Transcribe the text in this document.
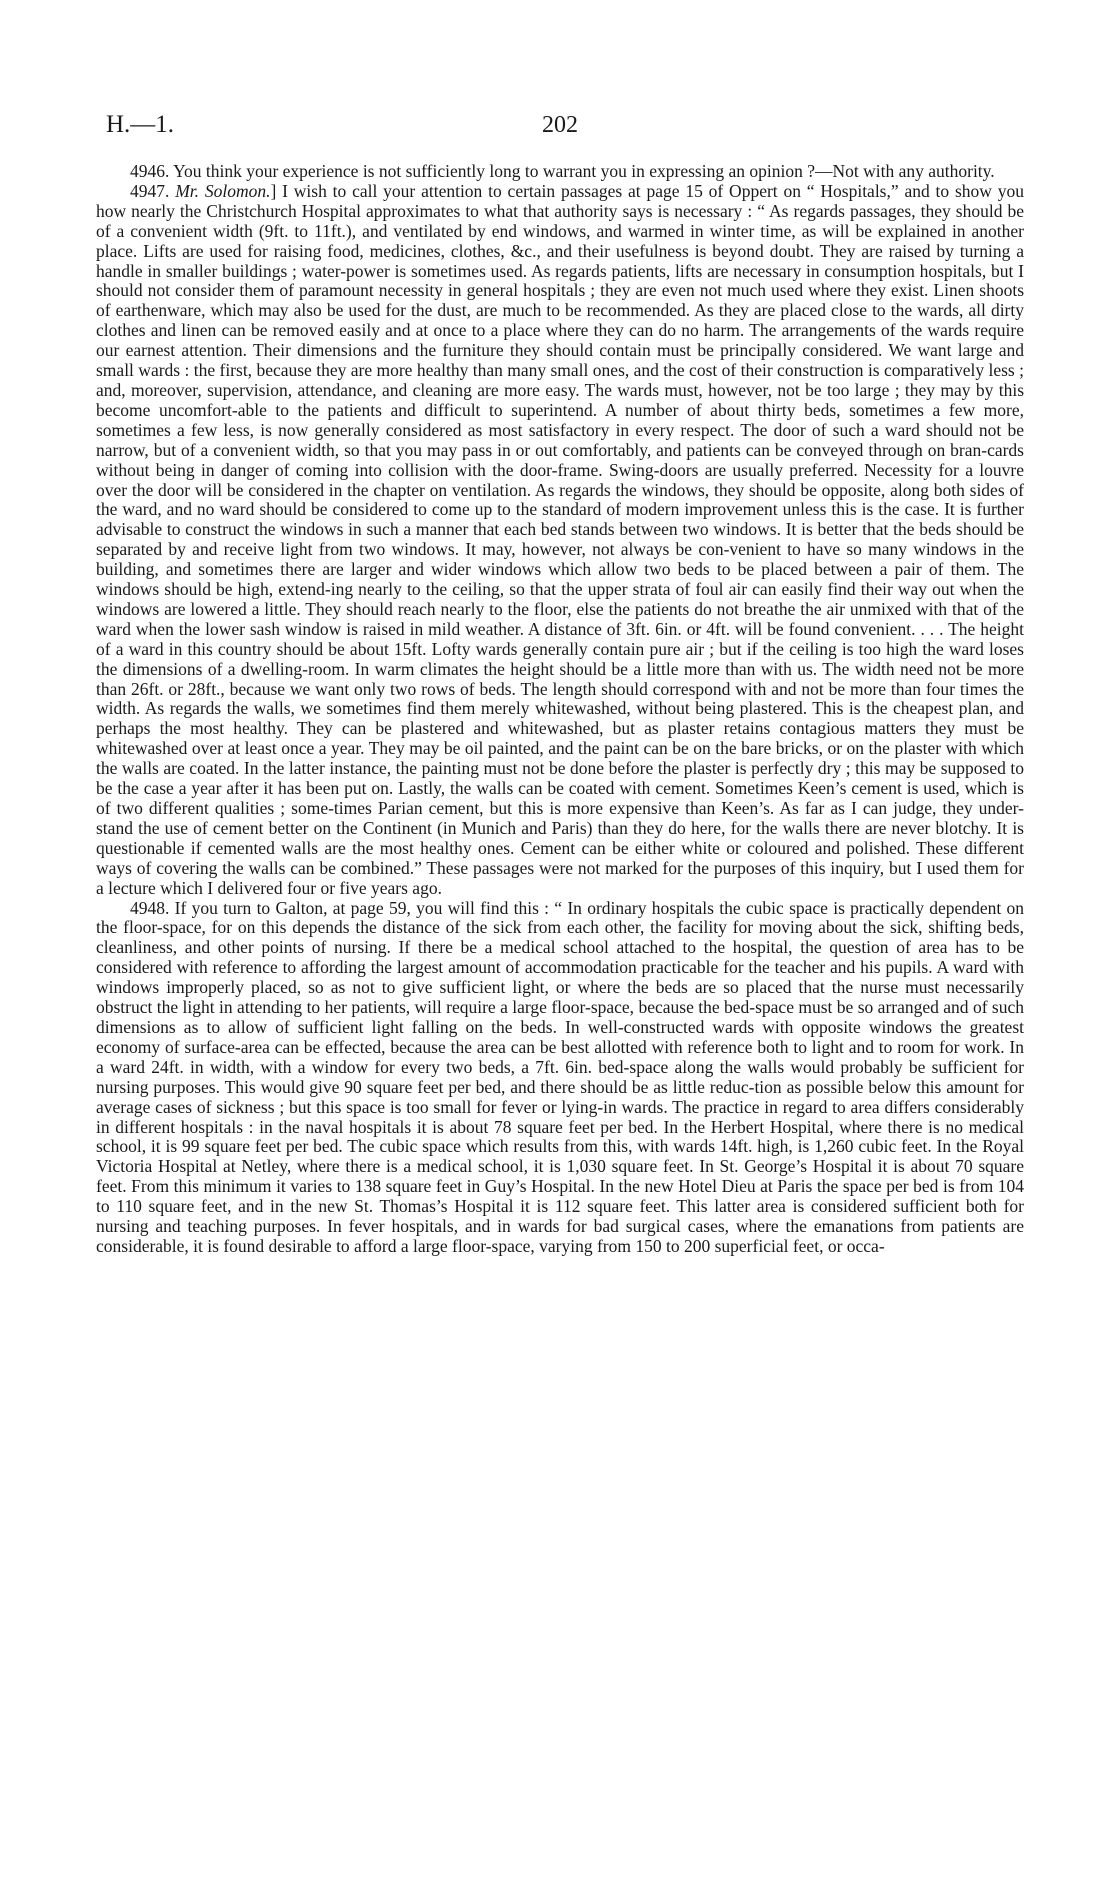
H.—1.	202

4946. You think your experience is not sufficiently long to warrant you in expressing an opinion ?—Not with any authority.

4947. Mr. Solomon.] I wish to call your attention to certain passages at page 15 of Oppert on “ Hospitals,” and to show you how nearly the Christchurch Hospital approximates to what that authority says is necessary : “ As regards passages, they should be of a convenient width (9ft. to 11ft.), and ventilated by end windows, and warmed in winter time, as will be explained in another place. Lifts are used for raising food, medicines, clothes, &c., and their usefulness is beyond doubt. They are raised by turning a handle in smaller buildings ; water-power is sometimes used. As regards patients, lifts are necessary in consumption hospitals, but I should not consider them of paramount necessity in general hospitals ; they are even not much used where they exist. Linen shoots of earthenware, which may also be used for the dust, are much to be recommended. As they are placed close to the wards, all dirty clothes and linen can be removed easily and at once to a place where they can do no harm. The arrangements of the wards require our earnest attention. Their dimensions and the furniture they should contain must be principally considered. We want large and small wards : the first, because they are more healthy than many small ones, and the cost of their construction is comparatively less ; and, moreover, supervision, attendance, and cleaning are more easy. The wards must, however, not be too large ; they may by this become uncomfort-able to the patients and difficult to superintend. A number of about thirty beds, sometimes a few more, sometimes a few less, is now generally considered as most satisfactory in every respect. The door of such a ward should not be narrow, but of a convenient width, so that you may pass in or out comfortably, and patients can be conveyed through on bran-cards without being in danger of coming into collision with the door-frame. Swing-doors are usually preferred. Necessity for a louvre over the door will be considered in the chapter on ventilation. As regards the windows, they should be opposite, along both sides of the ward, and no ward should be considered to come up to the standard of modern improvement unless this is the case. It is further advisable to construct the windows in such a manner that each bed stands between two windows. It is better that the beds should be separated by and receive light from two windows. It may, however, not always be con-venient to have so many windows in the building, and sometimes there are larger and wider windows which allow two beds to be placed between a pair of them. The windows should be high, extend-ing nearly to the ceiling, so that the upper strata of foul air can easily find their way out when the windows are lowered a little. They should reach nearly to the floor, else the patients do not breathe the air unmixed with that of the ward when the lower sash window is raised in mild weather. A distance of 3ft. 6in. or 4ft. will be found convenient. . . . The height of a ward in this country should be about 15ft. Lofty wards generally contain pure air ; but if the ceiling is too high the ward loses the dimensions of a dwelling-room. In warm climates the height should be a little more than with us. The width need not be more than 26ft. or 28ft., because we want only two rows of beds. The length should correspond with and not be more than four times the width. As regards the walls, we sometimes find them merely whitewashed, without being plastered. This is the cheapest plan, and perhaps the most healthy. They can be plastered and whitewashed, but as plaster retains contagious matters they must be whitewashed over at least once a year. They may be oil painted, and the paint can be on the bare bricks, or on the plaster with which the walls are coated. In the latter instance, the painting must not be done before the plaster is perfectly dry ; this may be supposed to be the case a year after it has been put on. Lastly, the walls can be coated with cement. Sometimes Keen’s cement is used, which is of two different qualities ; some-times Parian cement, but this is more expensive than Keen’s. As far as I can judge, they under-stand the use of cement better on the Continent (in Munich and Paris) than they do here, for the walls there are never blotchy. It is questionable if cemented walls are the most healthy ones. Cement can be either white or coloured and polished. These different ways of covering the walls can be combined.” These passages were not marked for the purposes of this inquiry, but I used them for a lecture which I delivered four or five years ago.

4948. If you turn to Galton, at page 59, you will find this : “ In ordinary hospitals the cubic space is practically dependent on the floor-space, for on this depends the distance of the sick from each other, the facility for moving about the sick, shifting beds, cleanliness, and other points of nursing. If there be a medical school attached to the hospital, the question of area has to be considered with reference to affording the largest amount of accommodation practicable for the teacher and his pupils. A ward with windows improperly placed, so as not to give sufficient light, or where the beds are so placed that the nurse must necessarily obstruct the light in attending to her patients, will require a large floor-space, because the bed-space must be so arranged and of such dimensions as to allow of sufficient light falling on the beds. In well-constructed wards with opposite windows the greatest economy of surface-area can be effected, because the area can be best allotted with reference both to light and to room for work. In a ward 24ft. in width, with a window for every two beds, a 7ft. 6in. bed-space along the walls would probably be sufficient for nursing purposes. This would give 90 square feet per bed, and there should be as little reduc-tion as possible below this amount for average cases of sickness ; but this space is too small for fever or lying-in wards. The practice in regard to area differs considerably in different hospitals : in the naval hospitals it is about 78 square feet per bed. In the Herbert Hospital, where there is no medical school, it is 99 square feet per bed. The cubic space which results from this, with wards 14ft. high, is 1,260 cubic feet. In the Royal Victoria Hospital at Netley, where there is a medical school, it is 1,030 square feet. In St. George’s Hospital it is about 70 square feet. From this minimum it varies to 138 square feet in Guy’s Hospital. In the new Hotel Dieu at Paris the space per bed is from 104 to 110 square feet, and in the new St. Thomas’s Hospital it is 112 square feet. This latter area is considered sufficient both for nursing and teaching purposes. In fever hospitals, and in wards for bad surgical cases, where the emanations from patients are considerable, it is found desirable to afford a large floor-space, varying from 150 to 200 superficial feet, or occa-
